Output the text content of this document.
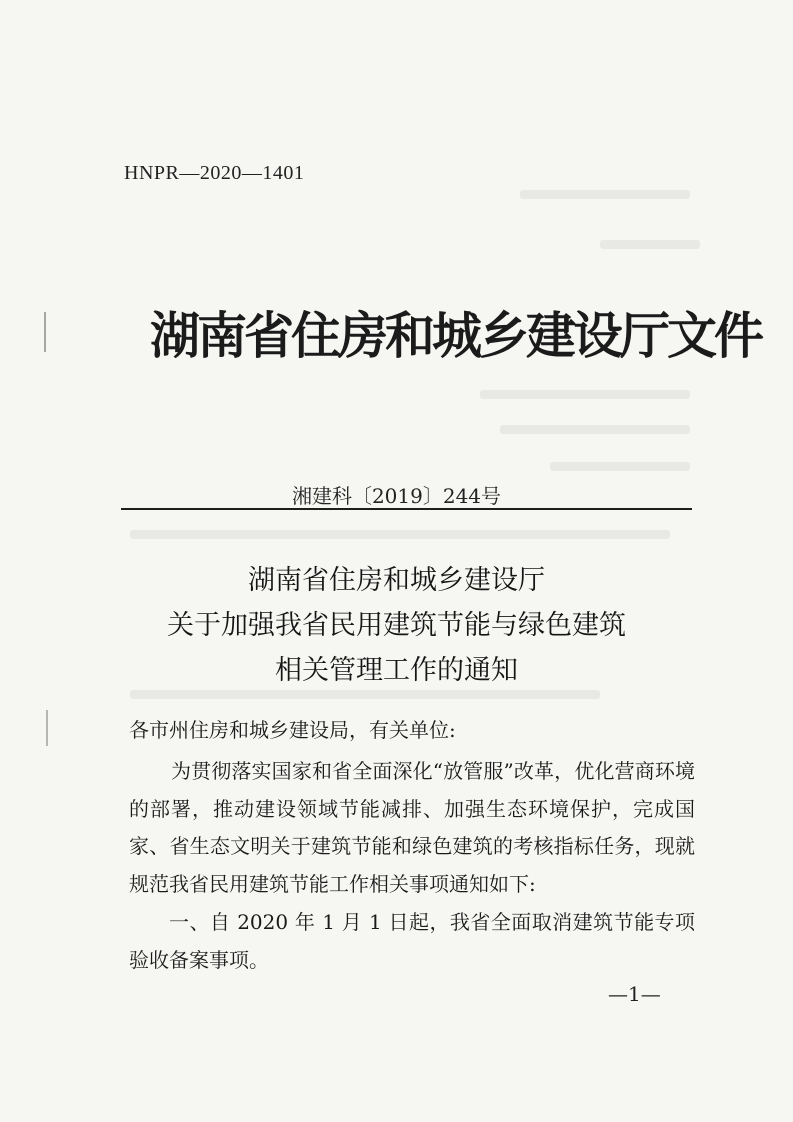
HNPR—2020—1401
湖南省住房和城乡建设厅文件
湘建科〔2019〕244号
湖南省住房和城乡建设厅
关于加强我省民用建筑节能与绿色建筑
相关管理工作的通知
各市州住房和城乡建设局，有关单位:
为贯彻落实国家和省全面深化“放管服”改革，优化营商环境的部署，推动建设领域节能减排、加强生态环境保护，完成国家、省生态文明关于建筑节能和绿色建筑的考核指标任务，现就规范我省民用建筑节能工作相关事项通知如下:
一、自 2020 年 1 月 1 日起，我省全面取消建筑节能专项验收备案事项。
—1—
